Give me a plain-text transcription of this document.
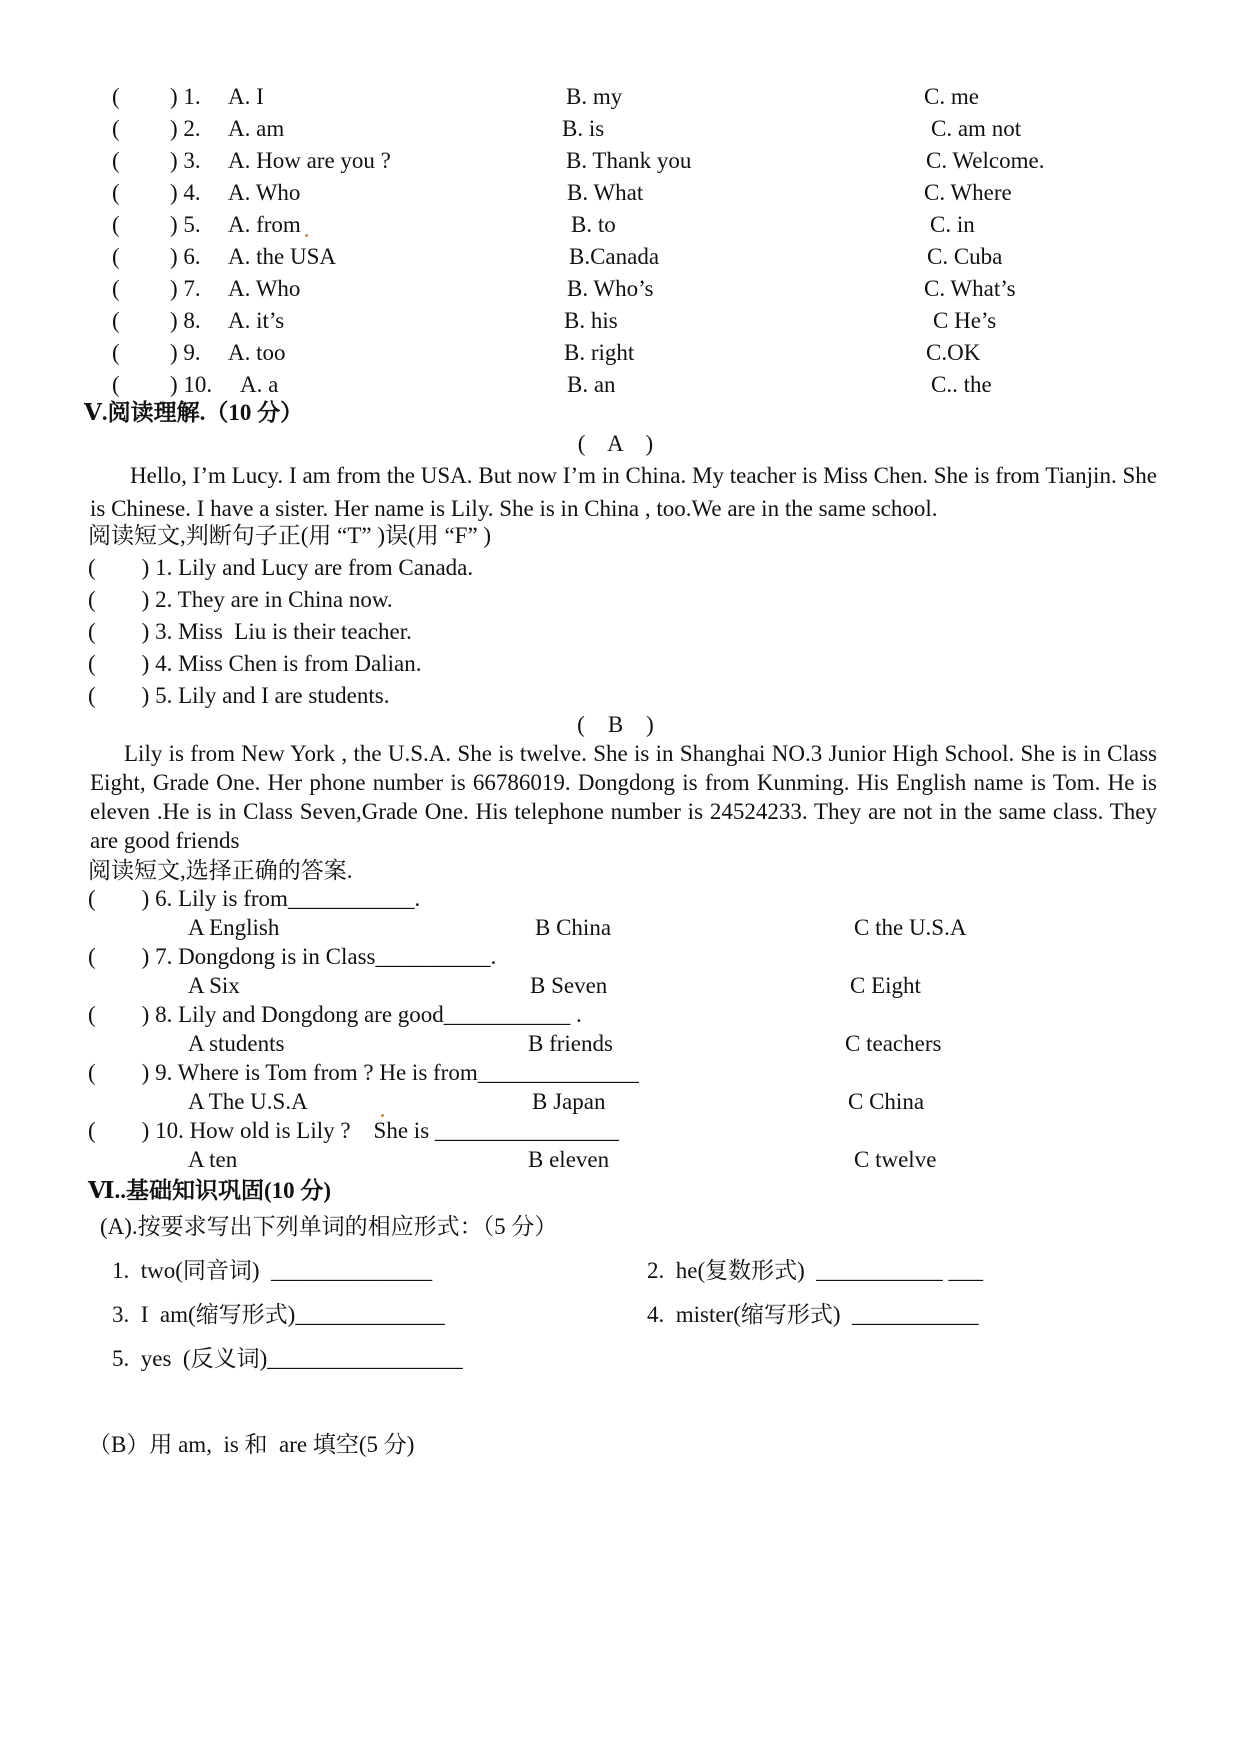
( ) 1. A. I	B. my	C. me
( ) 2. A. am	B. is	C. am not
( ) 3. A. How are you ?	B. Thank you	C. Welcome.
( ) 4. A. Who	B. What	C. Where
( ) 5. A. from	B. to	C. in
( ) 6. A. the USA	B.Canada	C. Cuba
( ) 7. A. Who	B. Who’s	C. What’s
( ) 8. A. it’s	B. his	C He’s
( ) 9. A. too	B. right	C.OK
( ) 10. A. a	B. an	C.. the
Ⅴ.阅读理解.（10 分）
(    A    )
Hello, I’m Lucy. I am from the USA. But now I’m in China. My teacher is Miss Chen. She is from Tianjin. She is Chinese. I have a sister. Her name is Lily. She is in China , too.We are in the same school.
阅读短文,判断句子正(用 “T” )误(用 “F” )
(        ) 1. Lily and Lucy are from Canada.
(        ) 2. They are in China now.
(        ) 3. Miss  Liu is their teacher.
(        ) 4. Miss Chen is from Dalian.
(        ) 5. Lily and I are students.
(    B    )
Lily is from New York , the U.S.A. She is twelve. She is in Shanghai NO.3 Junior High School. She is in Class Eight, Grade One. Her phone number is 66786019. Dongdong is from Kunming. His English name is Tom. He is eleven .He is in Class Seven,Grade One. His telephone number is 24524233. They are not in the same class. They are good friends
阅读短文,选择正确的答案.
(        ) 6. Lily is from___________.
A English	B China	C the U.S.A
(        ) 7. Dongdong is in Class__________.
A Six	B Seven	C Eight
(        ) 8. Lily and Dongdong are good___________ .
A students	B friends	C teachers
(        ) 9. Where is Tom from ? He is from______________
A The U.S.A	B Japan	C China
(        ) 10. How old is Lily ?    She is ________________
A ten	B eleven	C twelve
Ⅵ..基础知识巩固(10 分)
(A).按要求写出下列单词的相应形式：（5 分）
1.  two(同音词)  ______________	2.  he(复数形式)  ___________ ___
3.  I  am(缩写形式)_____________	4.  mister(缩写形式)  ___________
5.  yes  (反义词)_________________
（B）用 am,  is 和  are 填空(5 分)
